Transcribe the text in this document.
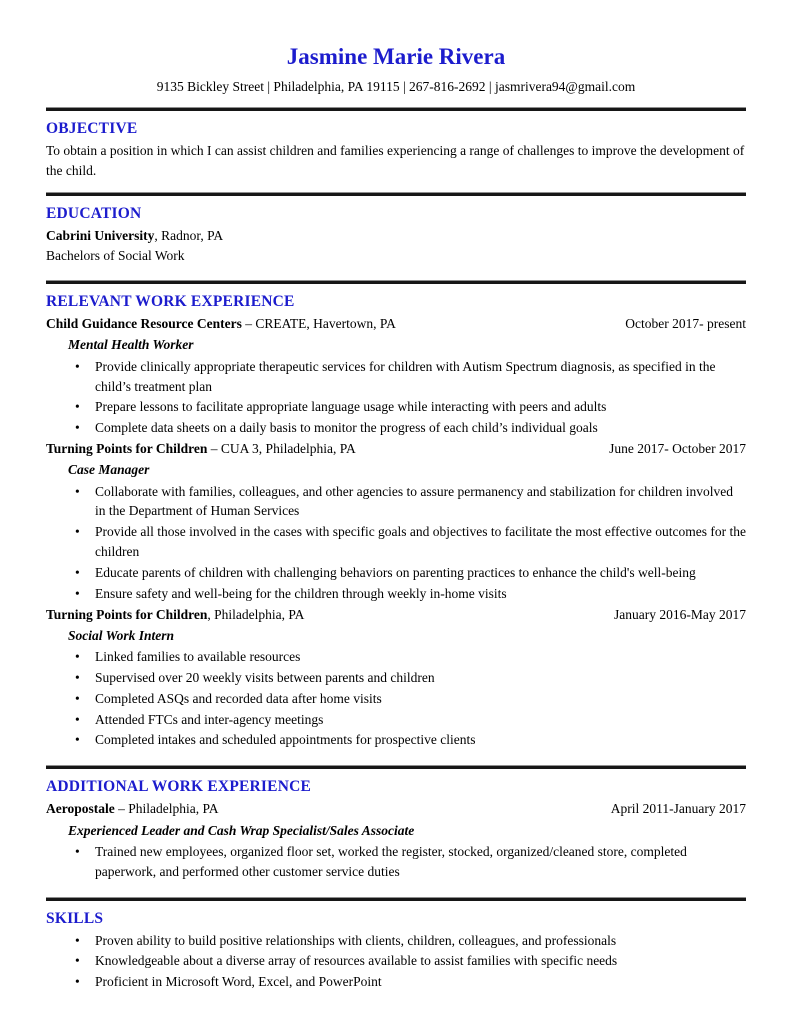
Jasmine Marie Rivera
9135 Bickley Street | Philadelphia, PA 19115 | 267-816-2692 | jasmrivera94@gmail.com
OBJECTIVE

To obtain a position in which I can assist children and families experiencing a range of challenges to improve the development of the child.

EDUCATION

Cabrini University, Radnor, PA

Bachelors of Social Work

RELEVANT WORK EXPERIENCE
Child Guidance Resource Centers – CREATE, Havertown, PA	October 2017- present
Mental Health Worker
• Provide clinically appropriate therapeutic services for children with Autism Spectrum diagnosis, as specified in the child’s treatment plan
• Prepare lessons to facilitate appropriate language usage while interacting with peers and adults
• Complete data sheets on a daily basis to monitor the progress of each child’s individual goals
Turning Points for Children – CUA 3, Philadelphia, PA	June 2017- October 2017
Case Manager
• Collaborate with families, colleagues, and other agencies to assure permanency and stabilization for children involved in the Department of Human Services
• Provide all those involved in the cases with specific goals and objectives to facilitate the most effective outcomes for the children
• Educate parents of children with challenging behaviors on parenting practices to enhance the child's well-being
• Ensure safety and well-being for the children through weekly in-home visits
Turning Points for Children, Philadelphia, PA	January 2016-May 2017
Social Work Intern
• Linked families to available resources
• Supervised over 20 weekly visits between parents and children
• Completed ASQs and recorded data after home visits
• Attended FTCs and inter-agency meetings
• Completed intakes and scheduled appointments for prospective clients
ADDITIONAL WORK EXPERIENCE
Aeropostale – Philadelphia, PA	April 2011-January 2017
Experienced Leader and Cash Wrap Specialist/Sales Associate
• Trained new employees, organized floor set, worked the register, stocked, organized/cleaned store, completed paperwork, and performed other customer service duties
SKILLS
• Proven ability to build positive relationships with clients, children, colleagues, and professionals
• Knowledgeable about a diverse array of resources available to assist families with specific needs
• Proficient in Microsoft Word, Excel, and PowerPoint
